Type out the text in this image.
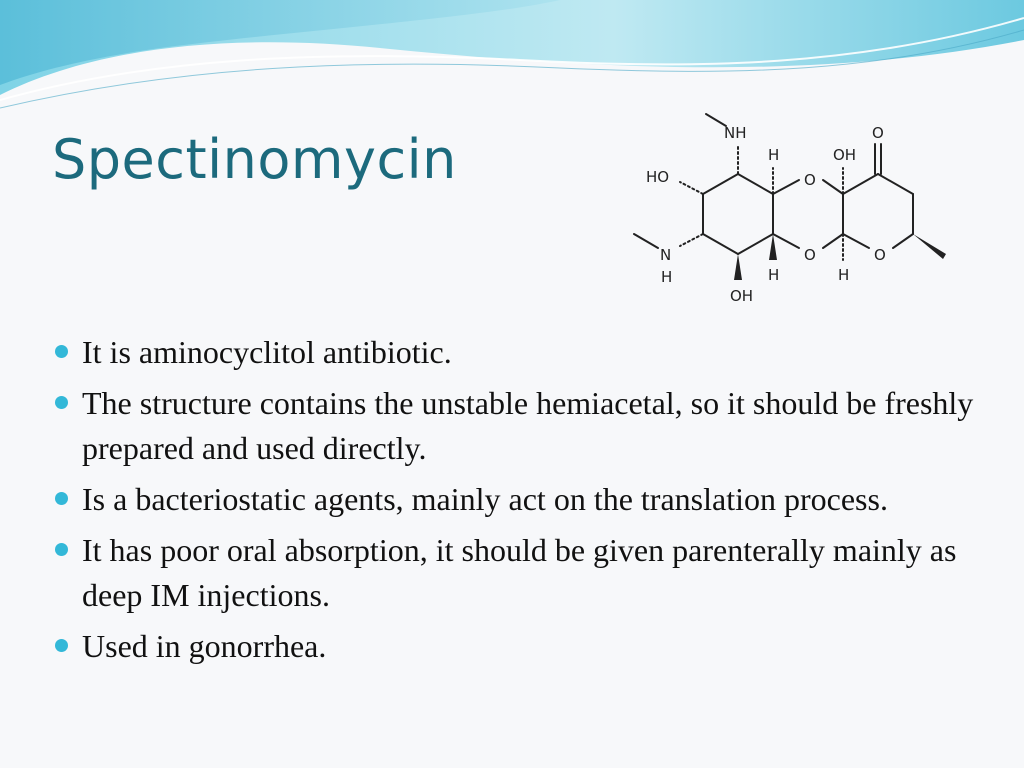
Spectinomycin	NH
H	OH
O
HO	O
N
H	H
O
H
O
OH
It is aminocyclitol antibiotic.
The structure contains the unstable hemiacetal, so it should be freshly prepared and used directly.
Is a bacteriostatic agents, mainly act on the translation process.
It has poor oral absorption, it should be given parenterally mainly as deep IM injections.
Used in gonorrhea.
